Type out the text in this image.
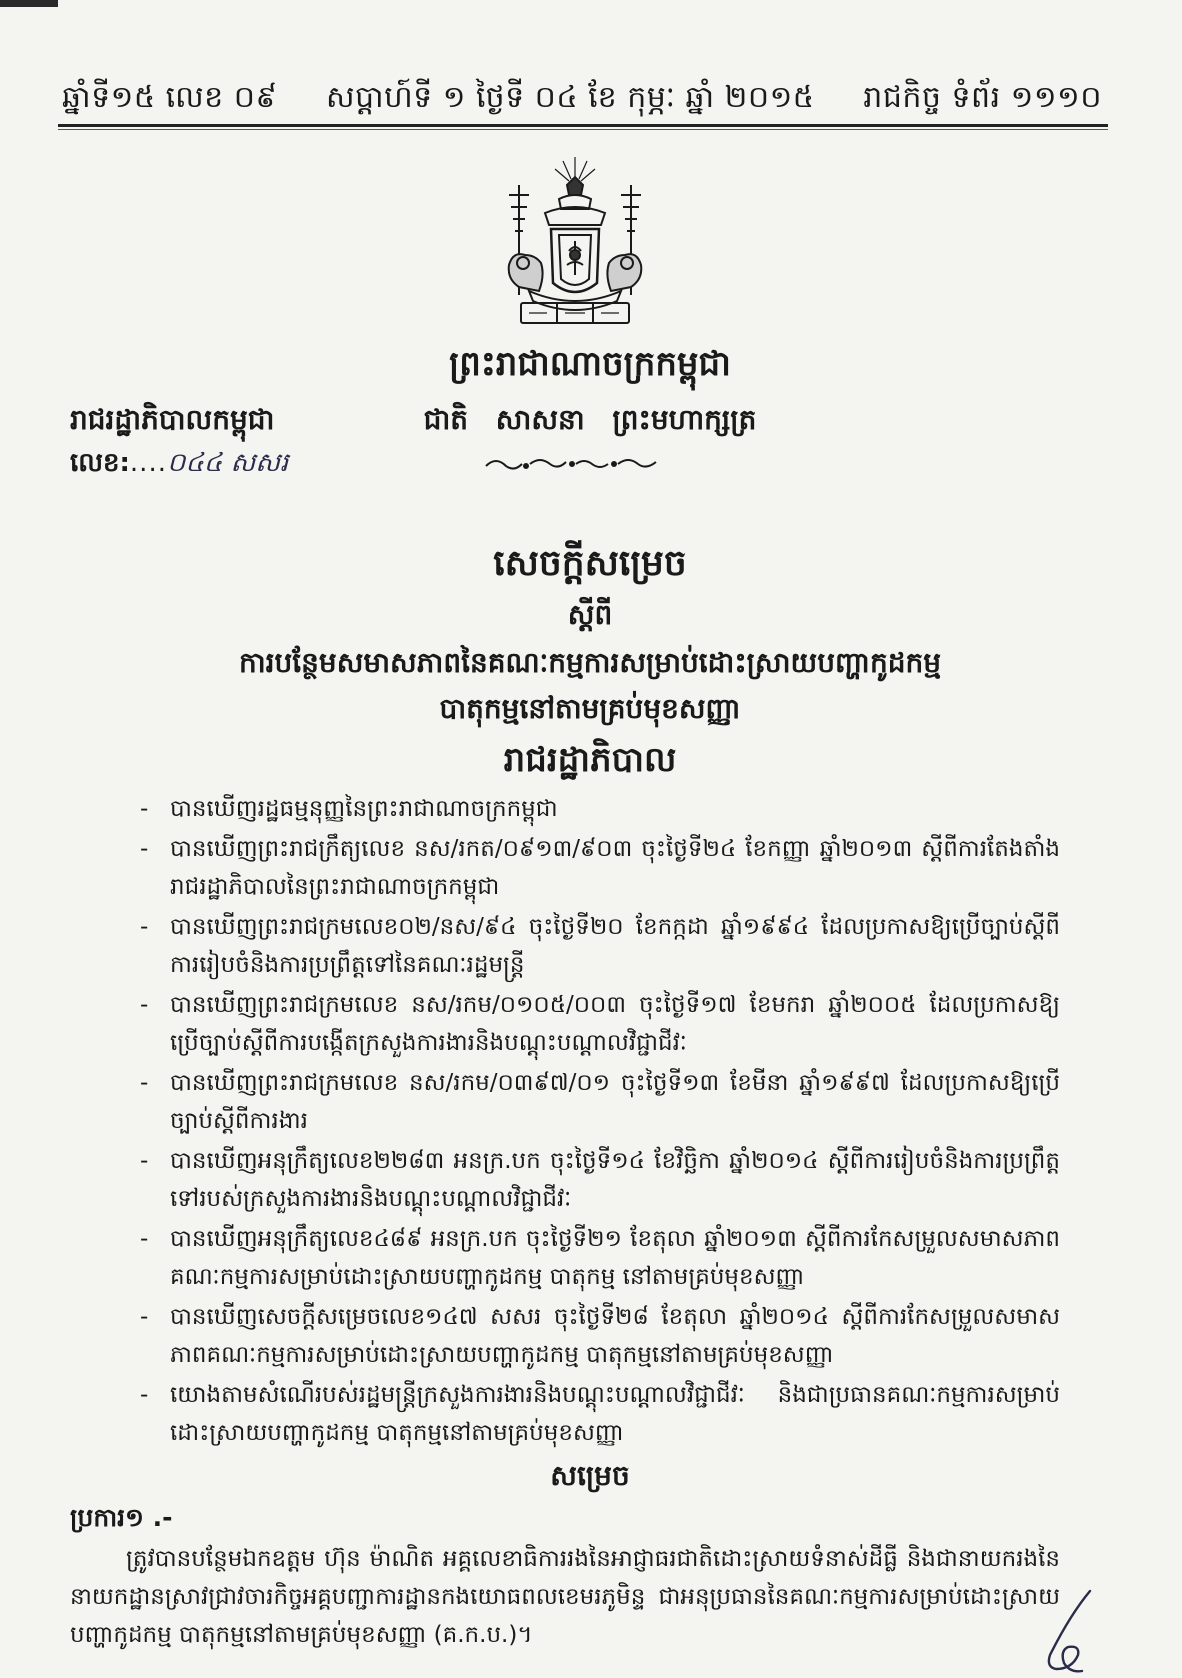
ឆ្នាំទី១៥ លេខ ០៩ សប្តាហ៍ទី ១ ថ្ងៃទី ០៤ ខែ កុម្ភៈ ឆ្នាំ ២០១៥ រាជកិច្ច ទំព័រ ១១១០
ព្រះរាជាណាចក្រកម្ពុជា
រាជរដ្ឋាភិបាលកម្ពុជា	ជាតិ សាសនា ព្រះមហាក្សត្រ
លេខ:....០៤៤ សសរ
សេចក្តីសម្រេច
ស្តីពី
ការបន្ថែមសមាសភាពនៃគណៈកម្មការសម្រាប់ដោះស្រាយបញ្ហាកូដកម្ម
បាតុកម្មនៅតាមគ្រប់មុខសញ្ញា
រាជរដ្ឋាភិបាល
- បានឃើញរដ្ឋធម្មនុញ្ញនៃព្រះរាជាណាចក្រកម្ពុជា
- បានឃើញព្រះរាជក្រឹត្យលេខ នស/រកត/០៩១៣/៩០៣ ចុះថ្ងៃទី២៤ ខែកញ្ញា ឆ្នាំ២០១៣ ស្តីពីការតែងតាំងរាជរដ្ឋាភិបាលនៃព្រះរាជាណាចក្រកម្ពុជា
- បានឃើញព្រះរាជក្រមលេខ០២/នស/៩៤ ចុះថ្ងៃទី២០ ខែកក្កដា ឆ្នាំ១៩៩៤ ដែលប្រកាសឱ្យប្រើច្បាប់ស្តីពីការរៀបចំនិងការប្រព្រឹត្តទៅនៃគណៈរដ្ឋមន្ត្រី
- បានឃើញព្រះរាជក្រមលេខ នស/រកម/០១០៥/០០៣ ចុះថ្ងៃទី១៧ ខែមករា ឆ្នាំ២០០៥ ដែលប្រកាសឱ្យប្រើច្បាប់ស្តីពីការបង្កើតក្រសួងការងារនិងបណ្តុះបណ្តាលវិជ្ជាជីវៈ
- បានឃើញព្រះរាជក្រមលេខ នស/រកម/០៣៩៧/០១ ចុះថ្ងៃទី១៣ ខែមីនា ឆ្នាំ១៩៩៧ ដែលប្រកាសឱ្យប្រើច្បាប់ស្តីពីការងារ
- បានឃើញអនុក្រឹត្យលេខ២២៨៣ អនក្រ.បក ចុះថ្ងៃទី១៤ ខែវិច្ឆិកា ឆ្នាំ២០១៤ ស្តីពីការរៀបចំនិងការប្រព្រឹត្តទៅរបស់ក្រសួងការងារនិងបណ្តុះបណ្តាលវិជ្ជាជីវៈ
- បានឃើញអនុក្រឹត្យលេខ៤៨៩ អនក្រ.បក ចុះថ្ងៃទី២១ ខែតុលា ឆ្នាំ២០១៣ ស្តីពីការកែសម្រួលសមាសភាពគណៈកម្មការសម្រាប់ដោះស្រាយបញ្ហាកូដកម្ម បាតុកម្ម នៅតាមគ្រប់មុខសញ្ញា
- បានឃើញសេចក្តីសម្រេចលេខ១៤៧ សសរ ចុះថ្ងៃទី២៨ ខែតុលា ឆ្នាំ២០១៤ ស្តីពីការកែសម្រួលសមាសភាពគណៈកម្មការសម្រាប់ដោះស្រាយបញ្ហាកូដកម្ម បាតុកម្មនៅតាមគ្រប់មុខសញ្ញា
- យោងតាមសំណើរបស់រដ្ឋមន្ត្រីក្រសួងការងារនិងបណ្តុះបណ្តាលវិជ្ជាជីវៈ និងជាប្រធានគណៈកម្មការសម្រាប់ដោះស្រាយបញ្ហាកូដកម្ម បាតុកម្មនៅតាមគ្រប់មុខសញ្ញា
សម្រេច
ប្រការ១ .-
ត្រូវបានបន្ថែមឯកឧត្តម ហ៊ុន ម៉ាណិត អគ្គលេខាធិការរងនៃអាជ្ញាធរជាតិដោះស្រាយទំនាស់ដីធ្លី និងជានាយករងនៃនាយកដ្ឋានស្រាវជ្រាវចារកិច្ចអគ្គបញ្ជាការដ្ឋានកងយោធពលខេមរភូមិន្ទ ជាអនុប្រធាននៃគណៈកម្មការសម្រាប់ដោះស្រាយបញ្ហាកូដកម្ម បាតុកម្មនៅតាមគ្រប់មុខសញ្ញា (គ.ក.ប.)។
